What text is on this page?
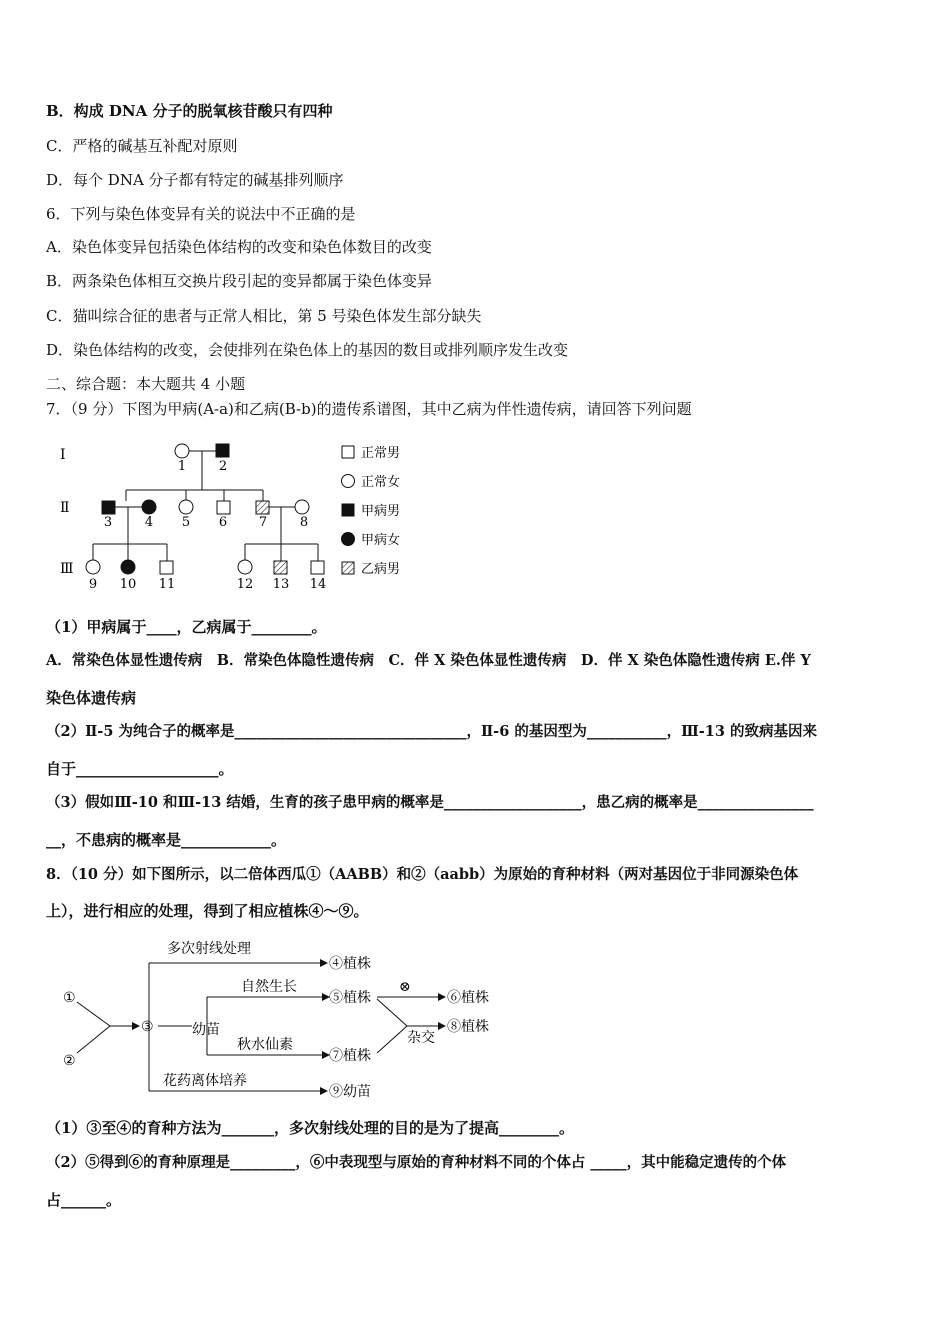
B．构成 DNA 分子的脱氧核苷酸只有四种
C．严格的碱基互补配对原则
D．每个 DNA 分子都有特定的碱基排列顺序
6．下列与染色体变异有关的说法中不正确的是
A．染色体变异包括染色体结构的改变和染色体数目的改变
B．两条染色体相互交换片段引起的变异都属于染色体变异
C．猫叫综合征的患者与正常人相比，第 5 号染色体发生部分缺失
D．染色体结构的改变，会使排列在染色体上的基因的数目或排列顺序发生改变
二、综合题：本大题共 4 小题
7．（9 分）下图为甲病(A-a)和乙病(B-b)的遗传系谱图，其中乙病为伴性遗传病，请回答下列问题
Ⅰ
Ⅱ
Ⅲ
1	2
3	4 5 6 7	8
9 10 11	12 13 14
正常男
正常女
甲病男
甲病女
乙病男
（1）甲病属于____，乙病属于________。
A．常染色体显性遗传病　B．常染色体隐性遗传病　C．伴 X 染色体显性遗传病　D．伴 X 染色体隐性遗传病 E.伴 Y
染色体遗传病
（2）Ⅱ-5 为纯合子的概率是________________________________，Ⅱ-6 的基因型为___________，Ⅲ-13 的致病基因来
自于___________________。
（3）假如Ⅲ-10 和Ⅲ-13 结婚，生育的孩子患甲病的概率是___________________，患乙病的概率是________________
__，不患病的概率是____________。
8．（10 分）如下图所示，以二倍体西瓜①（AABB）和②（aabb）为原始的育种材料（两对基因位于非同源染色体
上），进行相应的处理，得到了相应植株④～⑨。
①
②
③	幼苗
多次射线处理
④植株
自然生长
⑤植株
⊗
⑥植株
秋水仙素
⑦植株
杂交
⑧植株
花药离体培养
⑨幼苗
（1）③至④的育种方法为_______，多次射线处理的目的是为了提高________。
（2）⑤得到⑥的育种原理是_________，⑥中表现型与原始的育种材料不同的个体占 _____，其中能稳定遗传的个体
占______。
